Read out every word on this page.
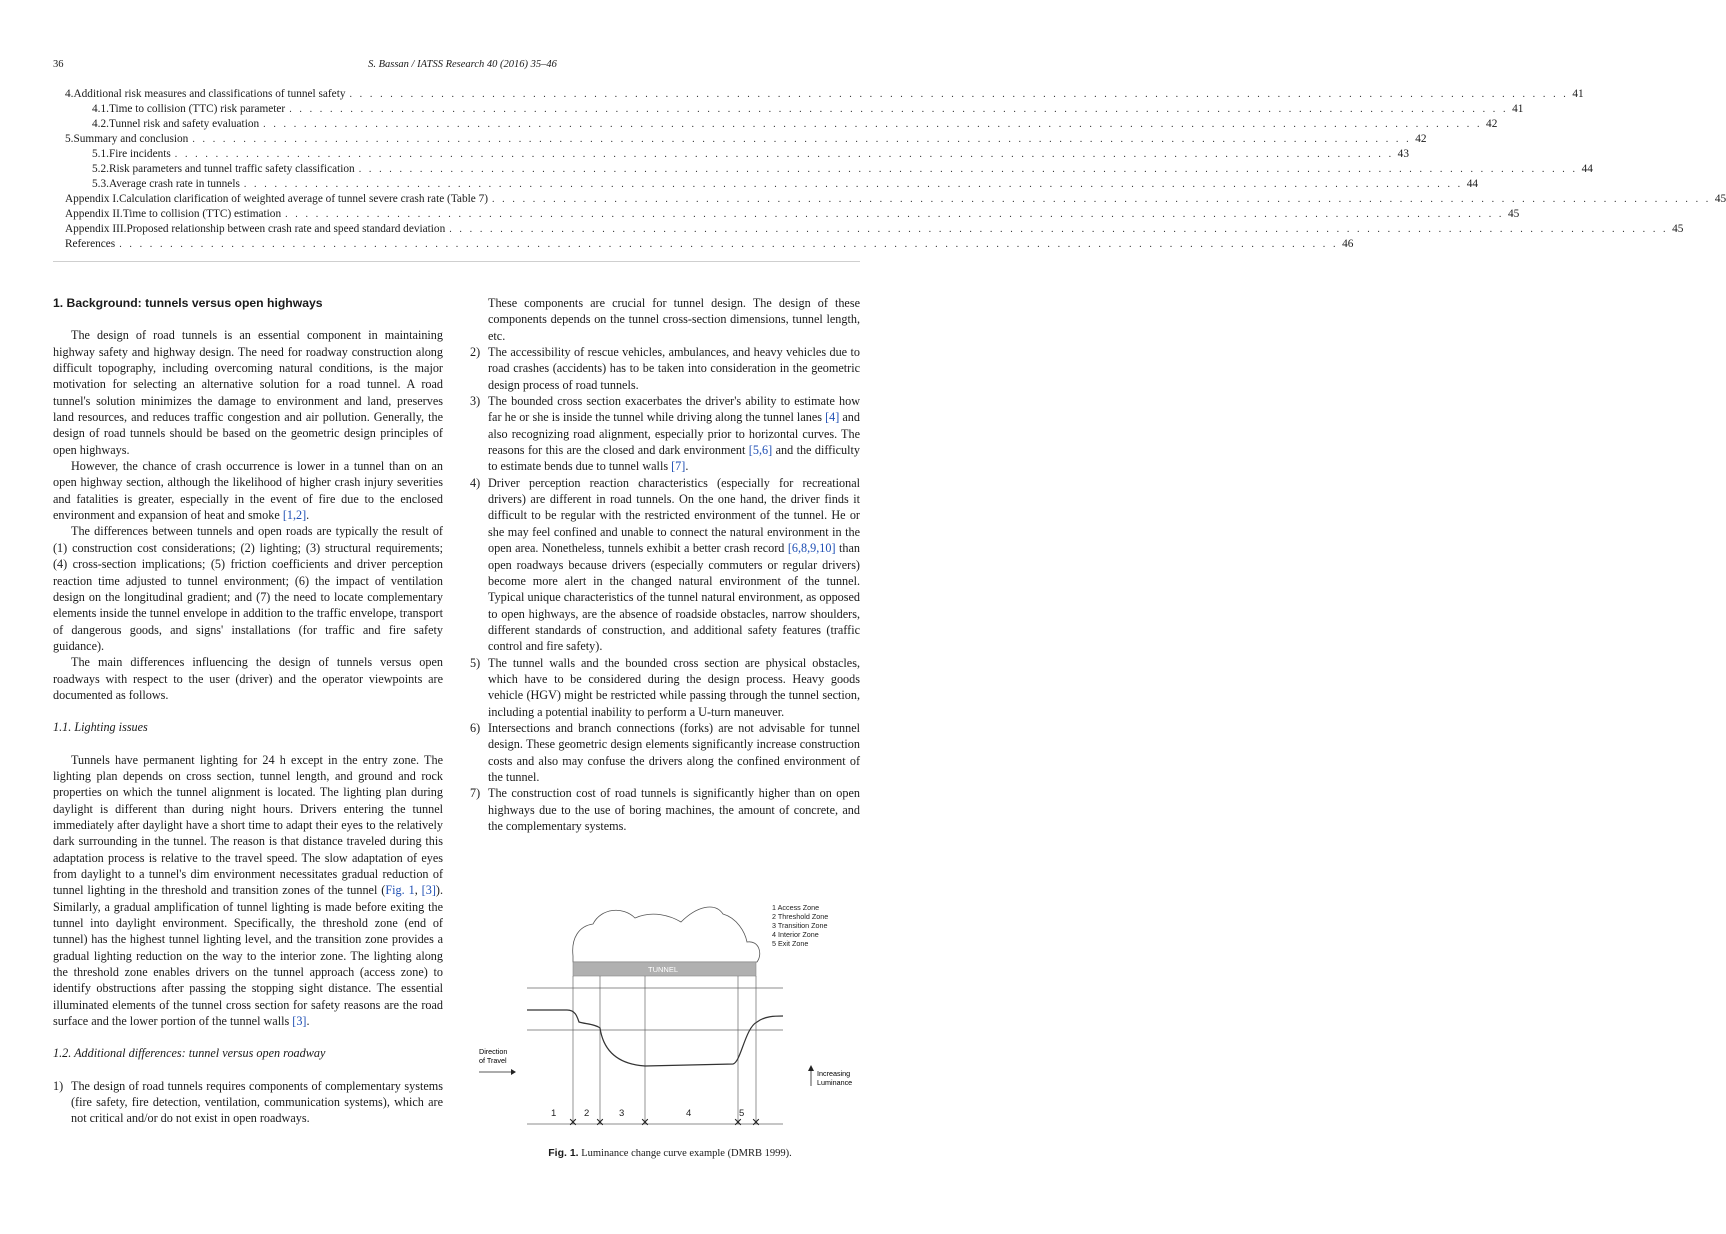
36	S. Bassan / IATSS Research 40 (2016) 35–46
4. Additional risk measures and classifications of tunnel safety . . . . . . . . . . . . . . . . . . . . . . . . . . . . . . . . . . . . . . . . . . . . . . . . . . . . . . . . . . . . . . . . . . . . . . . . . . . . . . . . . . . . . . . . . . . . . . . . . . . . . . . . . . . . . . . . . . . . . . . . 41
4.1. Time to collision (TTC) risk parameter . . . . . . . . . . . . . . . . . . . . . . . . . . . . . . . . . . . . . . . . . . . . . . . . . . . . . . . . . . . . . . . . . . . . . . . . . . . . . . . . . . . . . . . . . . . . . . . . . . . . . . . . . . . . . . . . . . . . . . . . 41
4.2. Tunnel risk and safety evaluation . . . . . . . . . . . . . . . . . . . . . . . . . . . . . . . . . . . . . . . . . . . . . . . . . . . . . . . . . . . . . . . . . . . . . . . . . . . . . . . . . . . . . . . . . . . . . . . . . . . . . . . . . . . . . . . . . . . . . . . . 42
5. Summary and conclusion . . . . . . . . . . . . . . . . . . . . . . . . . . . . . . . . . . . . . . . . . . . . . . . . . . . . . . . . . . . . . . . . . . . . . . . . . . . . . . . . . . . . . . . . . . . . . . . . . . . . . . . . . . . . . . . . . . . . . . . . 42
5.1. Fire incidents . . . . . . . . . . . . . . . . . . . . . . . . . . . . . . . . . . . . . . . . . . . . . . . . . . . . . . . . . . . . . . . . . . . . . . . . . . . . . . . . . . . . . . . . . . . . . . . . . . . . . . . . . . . . . . . . . . . . . . . . 43
5.2. Risk parameters and tunnel traffic safety classification . . . . . . . . . . . . . . . . . . . . . . . . . . . . . . . . . . . . . . . . . . . . . . . . . . . . . . . . . . . . . . . . . . . . . . . . . . . . . . . . . . . . . . . . . . . . . . . . . . . . . . . . . . . . . . . . . . . . . . . . 44
5.3. Average crash rate in tunnels . . . . . . . . . . . . . . . . . . . . . . . . . . . . . . . . . . . . . . . . . . . . . . . . . . . . . . . . . . . . . . . . . . . . . . . . . . . . . . . . . . . . . . . . . . . . . . . . . . . . . . . . . . . . . . . . . . . . . . . . 44
Appendix I. Calculation clarification of weighted average of tunnel severe crash rate (Table 7) . . . . . . . . . . . . . . . . . . . . . . . . . . . . . . . . . . . . . . . . . . . . . . . . . . . . . . . . . . . . . . . . . . . . . . . . . . . . . . . . . . . . . . . . . . . . . . . . . . . . . . . . . . . . . . . . . . . . . . . . 45
Appendix II. Time to collision (TTC) estimation . . . . . . . . . . . . . . . . . . . . . . . . . . . . . . . . . . . . . . . . . . . . . . . . . . . . . . . . . . . . . . . . . . . . . . . . . . . . . . . . . . . . . . . . . . . . . . . . . . . . . . . . . . . . . . . . . . . . . . . . 45
Appendix III. Proposed relationship between crash rate and speed standard deviation . . . . . . . . . . . . . . . . . . . . . . . . . . . . . . . . . . . . . . . . . . . . . . . . . . . . . . . . . . . . . . . . . . . . . . . . . . . . . . . . . . . . . . . . . . . . . . . . . . . . . . . . . . . . . . . . . . . . . . . . 45
References . . . . . . . . . . . . . . . . . . . . . . . . . . . . . . . . . . . . . . . . . . . . . . . . . . . . . . . . . . . . . . . . . . . . . . . . . . . . . . . . . . . . . . . . . . . . . . . . . . . . . . . . . . . . . . . . . . . . . . . . 46

1. Background: tunnels versus open highways

The design of road tunnels is an essential component in maintaining highway safety and highway design. The need for roadway construction along difficult topography, including overcoming natural conditions, is the major motivation for selecting an alternative solution for a road tunnel. A road tunnel's solution minimizes the damage to environment and land, preserves land resources, and reduces traffic congestion and air pollution. Generally, the design of road tunnels should be based on the geometric design principles of open highways.

However, the chance of crash occurrence is lower in a tunnel than on an open highway section, although the likelihood of higher crash injury severities and fatalities is greater, especially in the event of fire due to the enclosed environment and expansion of heat and smoke [1,2].

The differences between tunnels and open roads are typically the result of (1) construction cost considerations; (2) lighting; (3) structural requirements; (4) cross-section implications; (5) friction coefficients and driver perception reaction time adjusted to tunnel environment; (6) the impact of ventilation design on the longitudinal gradient; and (7) the need to locate complementary elements inside the tunnel envelope in addition to the traffic envelope, transport of dangerous goods, and signs' installations (for traffic and fire safety guidance).

The main differences influencing the design of tunnels versus open roadways with respect to the user (driver) and the operator viewpoints are documented as follows.

1.1. Lighting issues

Tunnels have permanent lighting for 24 h except in the entry zone. The lighting plan depends on cross section, tunnel length, and ground and rock properties on which the tunnel alignment is located. The lighting plan during daylight is different than during night hours. Drivers entering the tunnel immediately after daylight have a short time to adapt their eyes to the relatively dark surrounding in the tunnel. The reason is that distance traveled during this adaptation process is relative to the travel speed. The slow adaptation of eyes from daylight to a tunnel's dim environment necessitates gradual reduction of tunnel lighting in the threshold and transition zones of the tunnel (Fig. 1, [3]). Similarly, a gradual amplification of tunnel lighting is made before exiting the tunnel into daylight environment. Specifically, the threshold zone (end of tunnel) has the highest tunnel lighting level, and the transition zone provides a gradual lighting reduction on the way to the interior zone. The lighting along the threshold zone enables drivers on the tunnel approach (access zone) to identify obstructions after passing the stopping sight distance. The essential illuminated elements of the tunnel cross section for safety reasons are the road surface and the lower portion of the tunnel walls [3].

1.2. Additional differences: tunnel versus open roadway

1) The design of road tunnels requires components of complementary systems (fire safety, fire detection, ventilation, communication systems), which are not critical and/or do not exist in open roadways.
These components are crucial for tunnel design. The design of these components depends on the tunnel cross-section dimensions, tunnel length, etc.
2) The accessibility of rescue vehicles, ambulances, and heavy vehicles due to road crashes (accidents) has to be taken into consideration in the geometric design process of road tunnels.
3) The bounded cross section exacerbates the driver's ability to estimate how far he or she is inside the tunnel while driving along the tunnel lanes [4] and also recognizing road alignment, especially prior to horizontal curves. The reasons for this are the closed and dark environment [5,6] and the difficulty to estimate bends due to tunnel walls [7].
4) Driver perception reaction characteristics (especially for recreational drivers) are different in road tunnels. On the one hand, the driver finds it difficult to be regular with the restricted environment of the tunnel. He or she may feel confined and unable to connect the natural environment in the open area. Nonetheless, tunnels exhibit a better crash record [6,8,9,10] than open roadways because drivers (especially commuters or regular drivers) become more alert in the changed natural environment of the tunnel. Typical unique characteristics of the tunnel natural environment, as opposed to open highways, are the absence of roadside obstacles, narrow shoulders, different standards of construction, and additional safety features (traffic control and fire safety).
5) The tunnel walls and the bounded cross section are physical obstacles, which have to be considered during the design process. Heavy goods vehicle (HGV) might be restricted while passing through the tunnel section, including a potential inability to perform a U-turn maneuver.
6) Intersections and branch connections (forks) are not advisable for tunnel design. These geometric design elements significantly increase construction costs and also may confuse the drivers along the confined environment of the tunnel.
7) The construction cost of road tunnels is significantly higher than on open highways due to the use of boring machines, the amount of concrete, and the complementary systems.
TUNNEL
1 Access Zone
2 Threshold Zone
3 Transition Zone
4 Interior Zone
5 Exit Zone
Direction
of Travel
Increasing
Luminance
1	2	3	4	5
✕ ✕	✕	✕ ✕
Fig. 1. Luminance change curve example (DMRB 1999).
